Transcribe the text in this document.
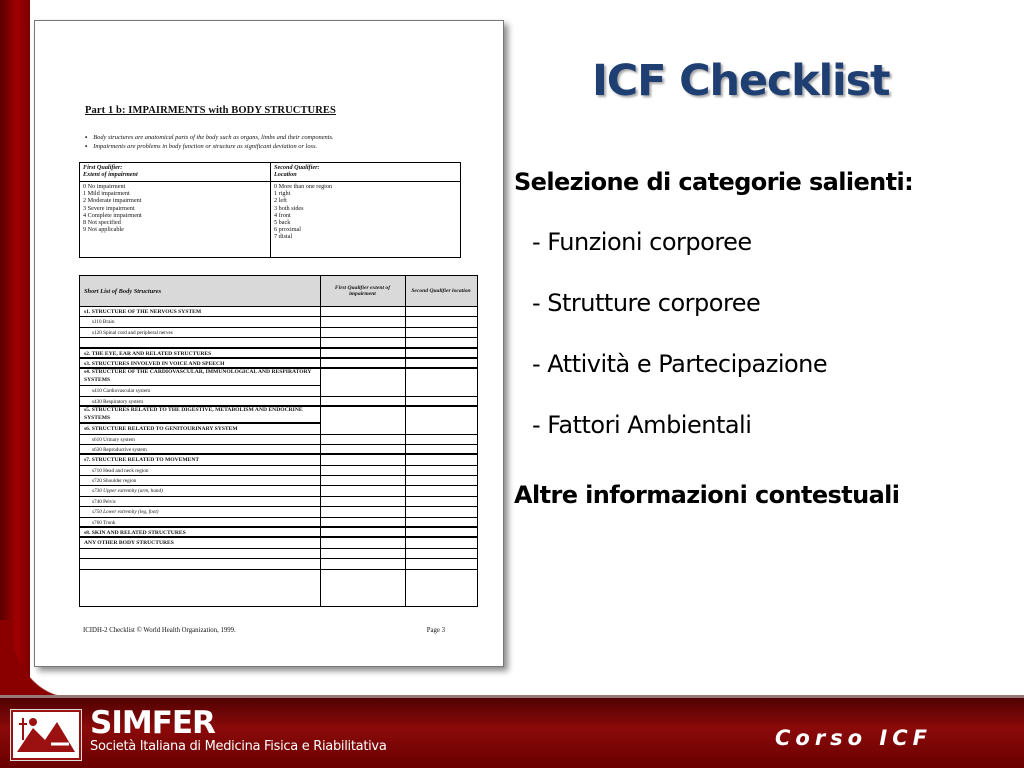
Part 1 b: IMPAIRMENTS with BODY STRUCTURES
▪ Body structures are anatomical parts of the body such as organs, limbs and their components.
▪ Impairments are problems in body function or structure as significant deviation or loss.
First Qualifier:
Extent of impairment
0 No impairment
1 Mild impairment
2 Moderate impairment
3 Severe impairment
4 Complete impairment
8 Not specified
9 Not applicable
Second Qualifier:
Location
0 More than one region
1 right
2 left
3 both sides
4 front
5 back
6 proximal
7 distal
Short List of Body Structures	First Qualifier extent of impairment	Second Qualifier location
s1. STRUCTURE OF THE NERVOUS SYSTEM
s110 Brain
s120 Spinal cord and peripheral nerves
s2. THE EYE, EAR AND RELATED STRUCTURES
s3. STRUCTURES INVOLVED IN VOICE AND SPEECH
s4. STRUCTURE OF THE CARDIOVASCULAR, IMMUNOLOGICAL AND RESPIRATORY SYSTEMS
s410 Cardiovascular system
s430 Respiratory system
s5. STRUCTURES RELATED TO THE DIGESTIVE, METABOLISM AND ENDOCRINE SYSTEMS
s6. STRUCTURE RELATED TO GENITOURINARY SYSTEM
s610 Urinary system
s630 Reproductive system
s7. STRUCTURE RELATED TO MOVEMENT
s710 Head and neck region
s720 Shoulder region
s730 Upper extremity (arm, hand)
s740 Pelvic
s750 Lower extremity (leg, foot)
s760 Trunk
s8. SKIN AND RELATED STRUCTURES
ANY OTHER BODY STRUCTURES
ICIDH-2 Checklist © World Health Organization, 1999.	Page 3
ICF Checklist
Selezione di categorie salienti:
- Funzioni corporee
- Strutture corporee
- Attività e Partecipazione
- Fattori Ambientali
Altre informazioni contestuali
SIMFER
Società Italiana di Medicina Fisica e Riabilitativa	Corso ICF
